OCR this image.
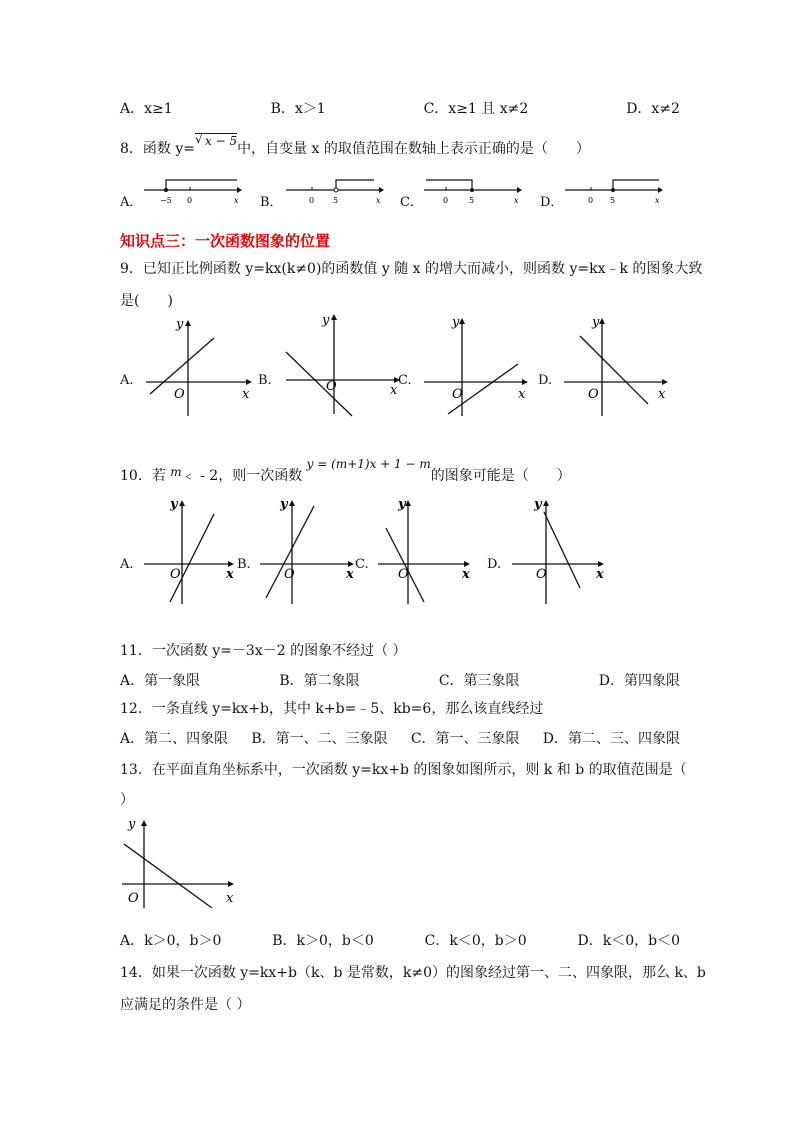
A．x≥1	B．x＞1	C．x≥1 且 x≠2	D．x≠2
8．函数 y=
√ x − 5中，自变量 x 的取值范围在数轴上表示正确的是（　　）
A． −5 0	x B．	0 5	x C．	0	5	x D．	0 5	x
知识点三：一次函数图象的位置
9．已知正比例函数 y=kx(k≠0)的函数值 y 随 x 的增大而减小，则函数 y=kx﹣k 的图象大致
是(　　)
A.
y
x
O
B.
y
x
O	C.
y
x
O
D.
y
x
O
10．若 m﹤ - 2，则一次函数 y = (m+1)x + 1 − m的图象可能是（　　）
A.
y
x
O
B.
y
x
O
C.
y
x
O
D.
y
x
O
11．一次函数 y=－3x－2 的图象不经过（ ）
A．第一象限	B．第二象限	C．第三象限	D．第四象限
12．一条直线 y=kx+b，其中 k+b=﹣5、kb=6，那么该直线经过
A．第二、四象限 B．第一、二、三象限 C．第一、三象限 D．第二、三、四象限
13．在平面直角坐标系中，一次函数 y=kx+b 的图象如图所示，则 k 和 b 的取值范围是（
）
y
x
O
A．k＞0，b＞0	B．k＞0，b＜0	C．k＜0，b＞0	D．k＜0，b＜0
14．如果一次函数 y=kx+b（k、b 是常数，k≠0）的图象经过第一、二、四象限，那么 k、b
应满足的条件是（ ）
